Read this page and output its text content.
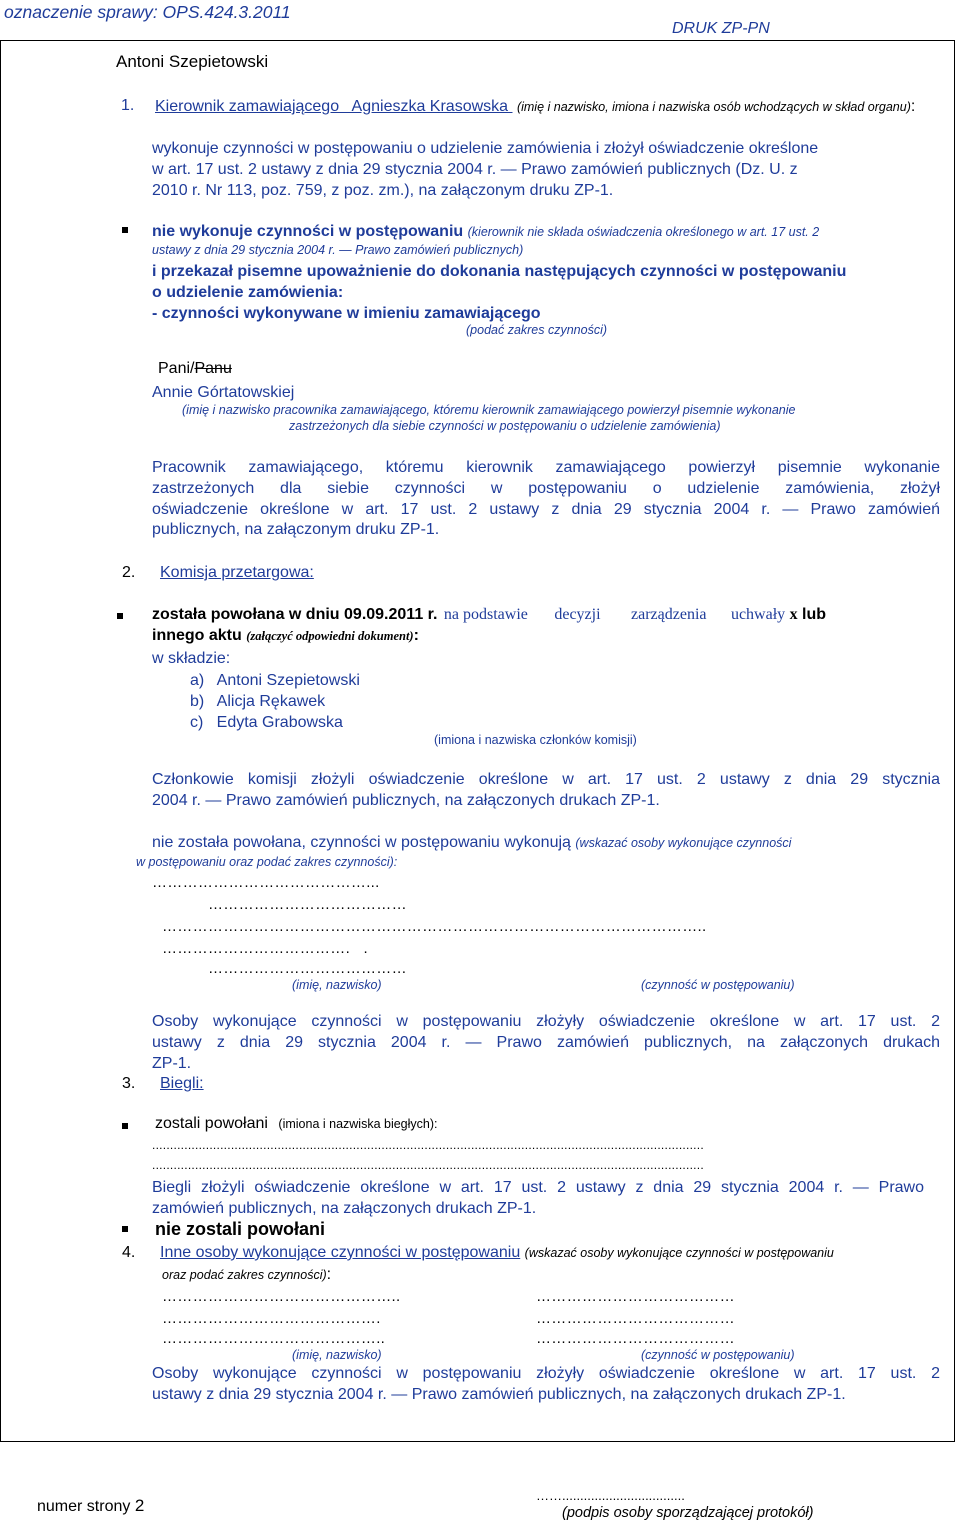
oznaczenie sprawy: OPS.424.3.2011
DRUK ZP-PN
Antoni Szepietowski
1. Kierownik zamawiającego   Agnieszka Krasowska  (imię i nazwisko, imiona i nazwiska osób wchodzących w skład organu):
wykonuje czynności w postępowaniu o udzielenie zamówienia i złożył oświadczenie określone
w art. 17 ust. 2 ustawy z dnia 29 stycznia 2004 r. — Prawo zamówień publicznych (Dz. U. z
2010 r. Nr 113, poz. 759, z poz. zm.), na załączonym druku ZP-1.
nie wykonuje czynności w postępowaniu (kierownik nie składa oświadczenia określonego w art. 17 ust. 2
ustawy z dnia 29 stycznia 2004 r. — Prawo zamówień publicznych)
i przekazał pisemne upoważnienie do dokonania następujących czynności w postępowaniu
o udzielenie zamówienia:
- czynności wykonywane w imieniu zamawiającego
(podać zakres czynności)
Pani/Panu
Annie Górtatowskiej
(imię i nazwisko pracownika zamawiającego, któremu kierownik zamawiającego powierzył pisemnie wykonanie
zastrzeżonych dla siebie czynności w postępowaniu o udzielenie zamówienia)
Pracownik zamawiającego, któremu kierownik zamawiającego powierzył pisemnie wykonanie
zastrzeżonych dla siebie czynności w postępowaniu o udzielenie zamówienia, złożył
oświadczenie określone w art. 17 ust. 2 ustawy z dnia 29 stycznia 2004 r. — Prawo zamówień
publicznych, na załączonym druku ZP-1.
2. Komisja przetargowa:
została powołana w dniu 09.09.2011 r. na podstawie decyzji zarządzenia uchwały x lub
innego aktu (załączyć odpowiedni dokument):
w składzie:
a)   Antoni Szepietowski
b)   Alicja Rękawek
c)   Edyta Grabowska
(imiona i nazwiska członków komisji)
Członkowie komisji złożyli oświadczenie określone w art. 17 ust. 2 ustawy z dnia 29 stycznia
2004 r. — Prawo zamówień publicznych, na załączonych drukach ZP-1.
nie została powołana, czynności w postępowaniu wykonują (wskazać osoby wykonujące czynności
w postępowaniu oraz podać zakres czynności):
……………………………………...
…………………………………
……………………………………………………………………………………………..
……………………………….   .
…………………………………
(imię, nazwisko)	(czynność w postępowaniu)
Osoby wykonujące czynności w postępowaniu złożyły oświadczenie określone w art. 17 ust. 2
ustawy z dnia 29 stycznia 2004 r. — Prawo zamówień publicznych, na załączonych drukach
ZP-1.
3. Biegli:
zostali powołani (imiona i nazwiska biegłych):
..........................................................................................................................................................
..........................................................................................................................................................
Biegli złożyli oświadczenie określone w art. 17 ust. 2 ustawy z dnia 29 stycznia 2004 r. — Prawo
zamówień publicznych, na załączonych drukach ZP-1.
nie zostali powołani
4. Inne osoby wykonujące czynności w postępowaniu (wskazać osoby wykonujące czynności w postępowaniu
oraz podać zakres czynności):
………………………………………..
…………………………………….
……………………………………..
…………………………………
…………………………………
…………………………………
(imię, nazwisko)	(czynność w postępowaniu)
Osoby wykonujące czynności w postępowaniu złożyły oświadczenie określone w art. 17 ust. 2
ustawy z dnia 29 stycznia 2004 r. — Prawo zamówień publicznych, na załączonych drukach ZP-1.
numer strony 2
……..................................
(podpis osoby sporządzającej protokół)
